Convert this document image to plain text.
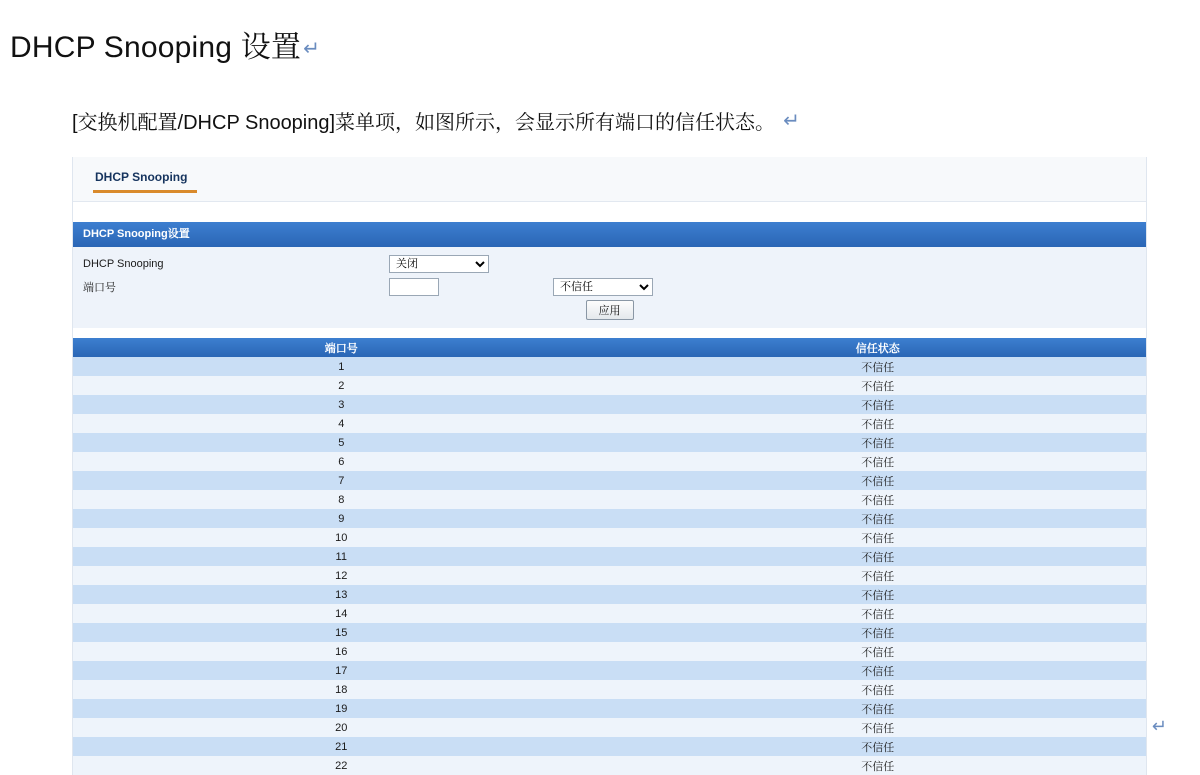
DHCP Snooping 设置 ↵
[交换机配置/DHCP Snooping]菜单项，如图所示，会显示所有端口的信任状态。 ↵
DHCP Snooping
DHCP Snooping设置
DHCP Snooping
关闭
端口号
不信任
应用
端口号	信任状态
1	不信任
2	不信任
3	不信任
4	不信任
5	不信任
6	不信任
7	不信任
8	不信任
9	不信任
10	不信任
11	不信任
12	不信任
13	不信任
14	不信任
15	不信任
16	不信任
17	不信任
18	不信任
19	不信任
20	不信任
21	不信任
22	不信任
↵
